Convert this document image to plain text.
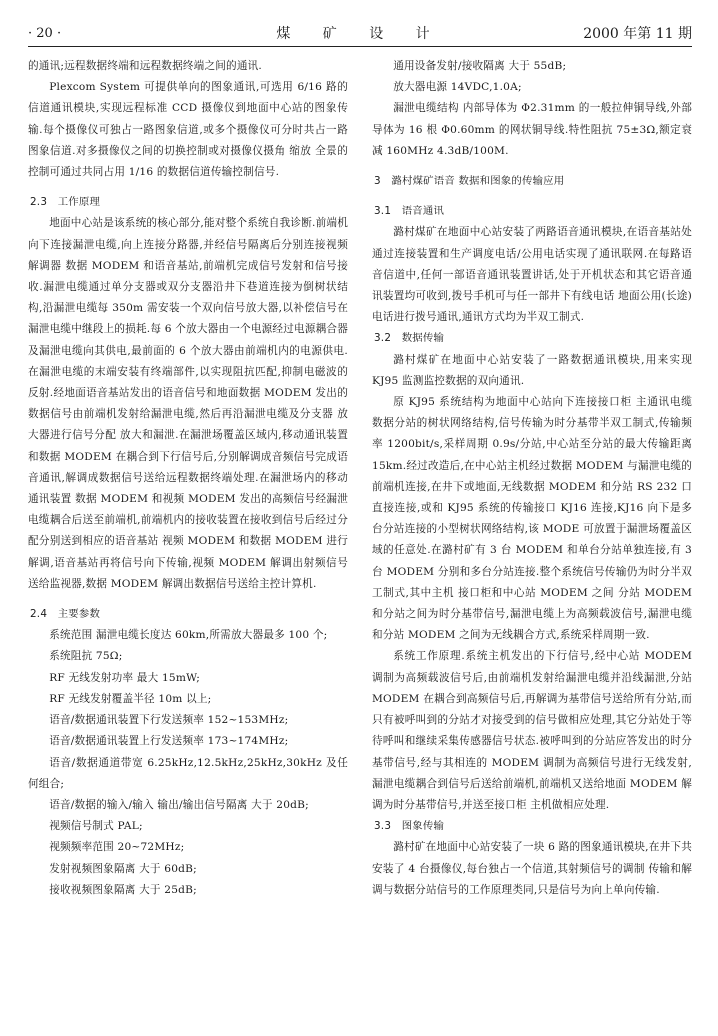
· 20 ·	煤 矿 设 计	2000 年第 11 期

的通讯;远程数据终端和远程数据终端之间的通讯.

Plexcom System 可提供单向的图象通讯,可选用 6/16 路的信道通讯模块,实现远程标准 CCD 摄像仪到地面中心站的图象传输.每个摄像仪可独占一路图象信道,或多个摄像仪可分时共占一路图象信道.对多摄像仪之间的切换控制或对摄像仪摄角 缩放 全景的控制可通过共同占用 1/16 的数据信道传输控制信号.

2.3　工作原理

地面中心站是该系统的核心部分,能对整个系统自我诊断.前端机向下连接漏泄电缆,向上连接分路器,并经信号隔离后分别连接视频解调器 数据 MODEM 和语音基站,前端机完成信号发射和信号接收.漏泄电缆通过单分支器或双分支器沿井下巷道连接为倒树状结构,沿漏泄电缆每 350m 需安装一个双向信号放大器,以补偿信号在漏泄电缆中继段上的损耗.每 6 个放大器由一个电源经过电源耦合器及漏泄电缆向其供电,最前面的 6 个放大器由前端机内的电源供电.在漏泄电缆的末端安装有终端部件,以实现阻抗匹配,抑制电磁波的反射.经地面语音基站发出的语音信号和地面数据 MODEM 发出的数据信号由前端机发射给漏泄电缆,然后再沿漏泄电缆及分支器 放大器进行信号分配 放大和漏泄.在漏泄场覆盖区域内,移动通讯装置和数据 MODEM 在耦合到下行信号后,分别解调成音频信号完成语音通讯,解调成数据信号送给远程数据终端处理.在漏泄场内的移动通讯装置 数据 MODEM 和视频 MODEM 发出的高频信号经漏泄电缆耦合后送至前端机,前端机内的接收装置在接收到信号后经过分配分别送到相应的语音基站 视频 MODEM 和数据 MODEM 进行解调,语音基站再将信号向下传输,视频 MODEM 解调出射频信号送给监视器,数据 MODEM 解调出数据信号送给主控计算机.

2.4　主要参数

系统范围 漏泄电缆长度达 60km,所需放大器最多 100 个;

系统阻抗 75Ω;

RF 无线发射功率 最大 15mW;

RF 无线发射覆盖半径 10m 以上;

语音/数据通讯装置下行发送频率 152~153MHz;

语音/数据通讯装置上行发送频率 173~174MHz;

语音/数据通道带宽 6.25kHz,12.5kHz,25kHz,30kHz 及任何组合;

语音/数据的输入/输入 输出/输出信号隔离 大于 20dB;

视频信号制式 PAL;

视频频率范围 20~72MHz;

发射视频图象隔离 大于 60dB;

接收视频图象隔离 大于 25dB;

通用设备发射/接收隔离 大于 55dB;

放大器电源 14VDC,1.0A;

漏泄电缆结构 内部导体为 Φ2.31mm 的一般拉伸铜导线,外部导体为 16 根 Φ0.60mm 的网状铜导线.特性阻抗 75±3Ω,额定衰减 160MHz 4.3dB/100M.

3　潞村煤矿语音 数据和图象的传输应用

3.1　语音通讯

潞村煤矿在地面中心站安装了两路语音通讯模块,在语音基站处通过连接装置和生产调度电话/公用电话实现了通讯联网.在每路语音信道中,任何一部语音通讯装置讲话,处于开机状态和其它语音通讯装置均可收到,拨号手机可与任一部井下有线电话 地面公用(长途)电话进行拨号通讯,通讯方式均为半双工制式.

3.2　数据传输

潞村煤矿在地面中心站安装了一路数据通讯模块,用来实现 KJ95 监测监控数据的双向通讯.

原 KJ95 系统结构为地面中心站向下连接接口柜 主通讯电缆 数据分站的树状网络结构,信号传输为时分基带半双工制式,传输频率 1200bit/s,采样周期 0.9s/分站,中心站至分站的最大传输距离 15km.经过改造后,在中心站主机经过数据 MODEM 与漏泄电缆的前端机连接,在井下或地面,无线数据 MODEM 和分站 RS 232 口直接连接,或和 KJ95 系统的传输接口 KJ16 连接,KJ16 向下是多台分站连接的小型树状网络结构,该 MODE 可放置于漏泄场覆盖区域的任意处.在潞村矿有 3 台 MODEM 和单台分站单独连接,有 3 台 MODEM 分别和多台分站连接.整个系统信号传输仍为时分半双工制式,其中主机 接口柜和中心站 MODEM 之间 分站 MODEM 和分站之间为时分基带信号,漏泄电缆上为高频载波信号,漏泄电缆和分站 MODEM 之间为无线耦合方式,系统采样周期一致.

系统工作原理.系统主机发出的下行信号,经中心站 MODEM 调制为高频载波信号后,由前端机发射给漏泄电缆并沿线漏泄,分站 MODEM 在耦合到高频信号后,再解调为基带信号送给所有分站,而只有被呼叫到的分站才对接受到的信号做相应处理,其它分站处于等待呼叫和继续采集传感器信号状态.被呼叫到的分站应答发出的时分基带信号,经与其相连的 MODEM 调制为高频信号进行无线发射,漏泄电缆耦合到信号后送给前端机,前端机又送给地面 MODEM 解调为时分基带信号,并送至接口柜 主机做相应处理.

3.3　图象传输

潞村矿在地面中心站安装了一块 6 路的图象通讯模块,在井下共安装了 4 台摄像仪,每台独占一个信道,其射频信号的调制 传输和解调与数据分站信号的工作原理类同,只是信号为向上单向传输.
